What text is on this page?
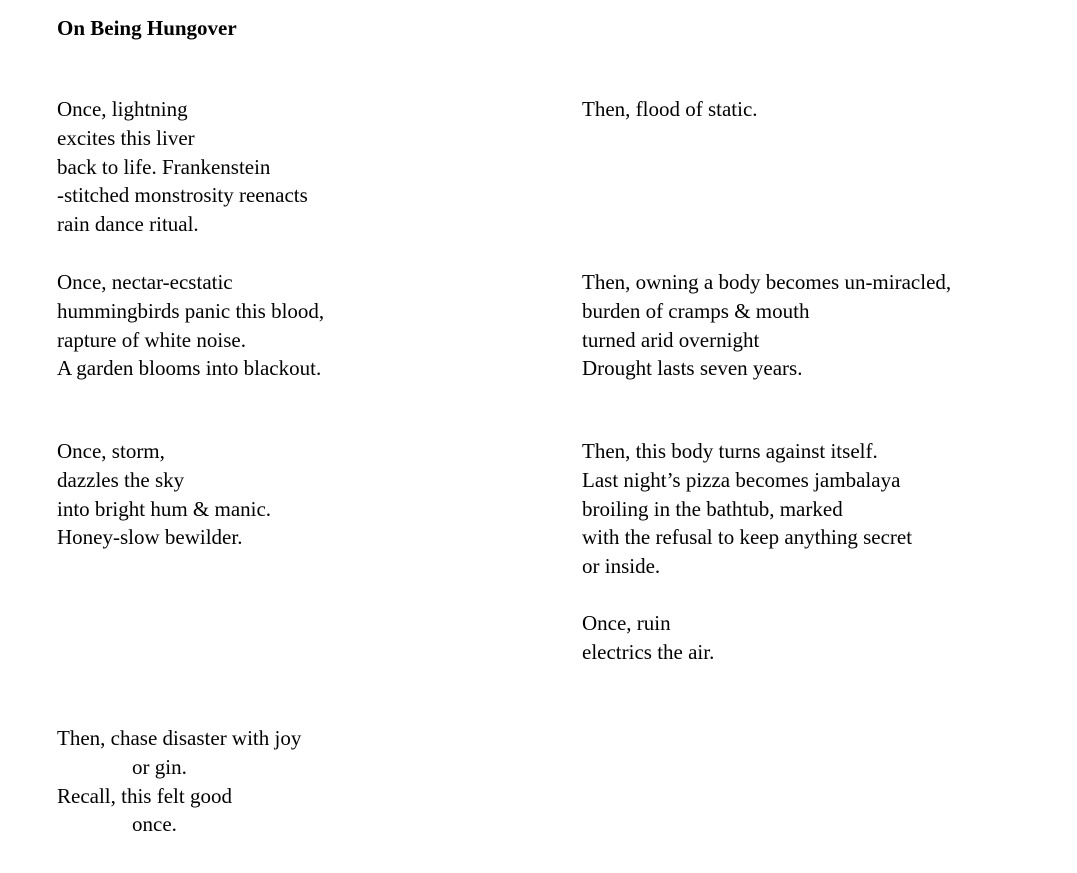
On Being Hungover
Once, lightning
excites this liver
back to life. Frankenstein
-stitched monstrosity reenacts
rain dance ritual.
Once, nectar-ecstatic
hummingbirds panic this blood,
rapture of white noise.
A garden blooms into blackout.
Once, storm,
dazzles the sky
into bright hum & manic.
Honey-slow bewilder.
Then, flood of static.
Then, owning a body becomes un-miracled,
burden of cramps & mouth
turned arid overnight
Drought lasts seven years.
Then, this body turns against itself.
Last night’s pizza becomes jambalaya
broiling in the bathtub, marked
with the refusal to keep anything secret
or inside.
Once, ruin
electrics the air.
Then, chase disaster with joy
or gin.
Recall, this felt good
once.
